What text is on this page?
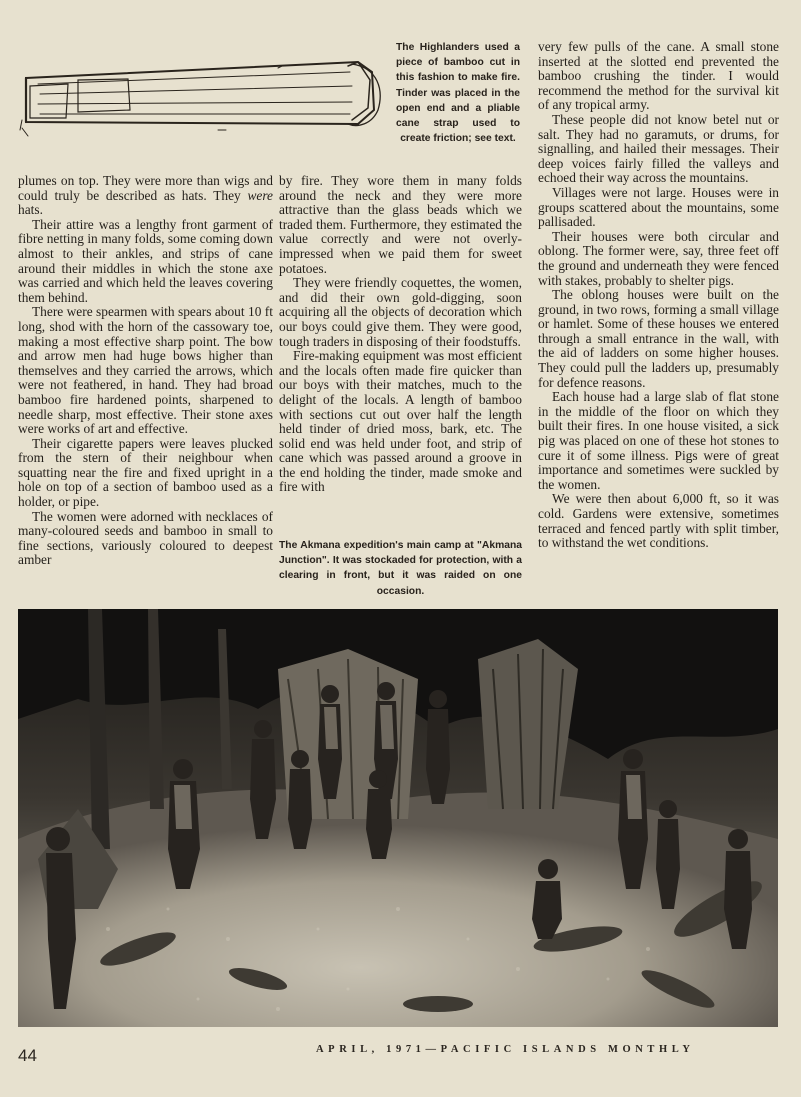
The Highlanders used a piece of bamboo cut in this fashion to make fire. Tinder was placed in the open end and a pliable cane strap used to create friction; see text.

plumes on top. They were more than wigs and could truly be described as hats. They were hats.

Their attire was a lengthy front garment of fibre netting in many folds, some coming down almost to their ankles, and strips of cane around their middles in which the stone axe was carried and which held the leaves covering them behind.

There were spearmen with spears about 10 ft long, shod with the horn of the cassowary toe, making a most effective sharp point. The bow and arrow men had huge bows higher than themselves and they carried the arrows, which were not feathered, in hand. They had broad bamboo fire hardened points, sharpened to needle sharp, most effective. Their stone axes were works of art and effective.

Their cigarette papers were leaves plucked from the stern of their neighbour when squatting near the fire and fixed upright in a hole on top of a section of bamboo used as a holder, or pipe.

The women were adorned with necklaces of many-coloured seeds and bamboo in small to fine sections, variously coloured to deepest amber

by fire. They wore them in many folds around the neck and they were more attractive than the glass beads which we traded them. Furthermore, they estimated the value correctly and were not overly-impressed when we paid them for sweet potatoes.

They were friendly coquettes, the women, and did their own gold-digging, soon acquiring all the objects of decoration which our boys could give them. They were good, tough traders in disposing of their foodstuffs.

Fire-making equipment was most efficient and the locals often made fire quicker than our boys with their matches, much to the delight of the locals. A length of bamboo with sections cut out over half the length held tinder of dried moss, bark, etc. The solid end was held under foot, and strip of cane which was passed around a groove in the end holding the tinder, made smoke and fire with

The Akmana expedition's main camp at "Akmana Junction". It was stockaded for protection, with a clearing in front, but it was raided on one occasion.

very few pulls of the cane. A small stone inserted at the slotted end prevented the bamboo crushing the tinder. I would recommend the method for the survival kit of any tropical army.

These people did not know betel nut or salt. They had no garamuts, or drums, for signalling, and hailed their messages. Their deep voices fairly filled the valleys and echoed their way across the mountains.

Villages were not large. Houses were in groups scattered about the mountains, some pallisaded.

Their houses were both circular and oblong. The former were, say, three feet off the ground and underneath they were fenced with stakes, probably to shelter pigs.

The oblong houses were built on the ground, in two rows, forming a small village or hamlet. Some of these houses we entered through a small entrance in the wall, with the aid of ladders on some higher houses. They could pull the ladders up, presumably for defence reasons.

Each house had a large slab of flat stone in the middle of the floor on which they built their fires. In one house visited, a sick pig was placed on one of these hot stones to cure it of some illness. Pigs were of great importance and sometimes were suckled by the women.

We were then about 6,000 ft, so it was cold. Gardens were extensive, sometimes terraced and fenced partly with split timber, to withstand the wet conditions.

44	APRIL, 1971—PACIFIC ISLANDS MONTHLY
